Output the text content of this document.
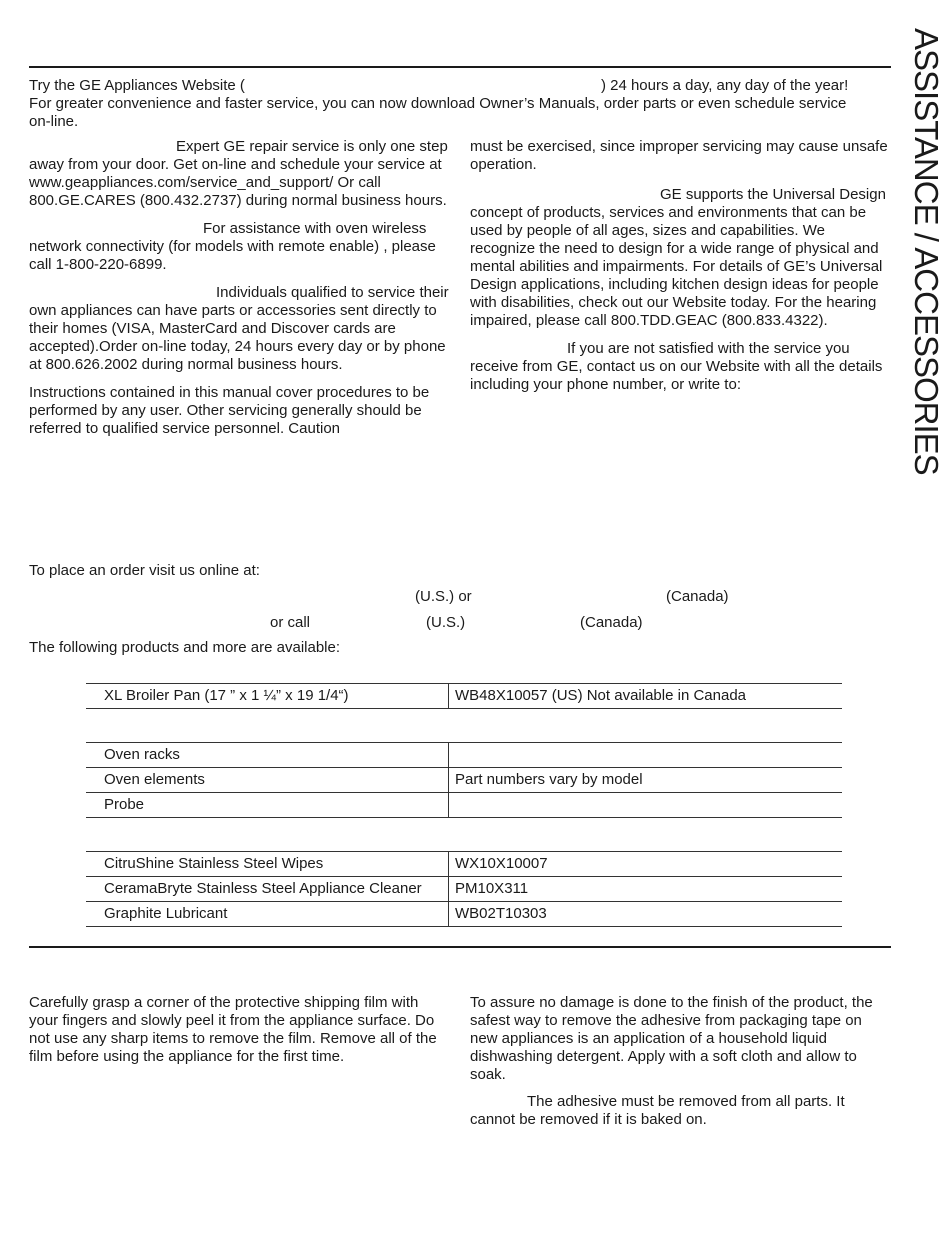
ASSISTANCE / ACCESSORIES
Try the GE Appliances Website (	) 24 hours a day, any day of the year! For greater convenience and faster service, you can now download Owner’s Manuals, order parts or even schedule service on-line.

Expert GE repair service is only one step away from your door. Get on-line and schedule your service at www.geappliances.com/service_and_support/ Or call 800.GE.CARES (800.432.2737) during normal business hours.

For assistance with oven wireless network connectivity (for models with remote enable) , please call 1-800-220-6899.

Individuals qualified to service their own appliances can have parts or accessories sent directly to their homes (VISA, MasterCard and Discover cards are accepted).Order on-line today, 24 hours every day or by phone at 800.626.2002 during normal business hours.

Instructions contained in this manual cover procedures to be performed by any user. Other servicing generally should be referred to qualified service personnel. Caution

must be exercised, since improper servicing may cause unsafe operation.

GE supports the Universal Design concept of products, services and environments that can be used by people of all ages, sizes and capabilities. We recognize the need to design for a wide range of physical and mental abilities and impairments. For details of GE’s Universal Design applications, including kitchen design ideas for people with disabilities, check out our Website today. For the hearing impaired, please call 800.TDD.GEAC (800.833.4322).

If you are not satisfied with the service you receive from GE, contact us on our Website with all the details including your phone number, or write to:

To place an order visit us online at:
(U.S.) or	(Canada)
or call	(U.S.)	(Canada)
The following products and more are available:
XL Broiler Pan (17 ” x 1 ¼” x 19 1/4“)	WB48X10057 (US) Not available in Canada
Oven racks	
Oven elements	Part numbers vary by model
Probe	
CitruShine Stainless Steel Wipes	WX10X10007
CeramaBryte Stainless Steel Appliance Cleaner	PM10X311
Graphite Lubricant	WB02T10303
Carefully grasp a corner of the protective shipping film with your fingers and slowly peel it from the appliance surface. Do not use any sharp items to remove the film. Remove all of the film before using the appliance for the first time.

To assure no damage is done to the finish of the product, the safest way to remove the adhesive from packaging tape on new appliances is an application of a household liquid dishwashing detergent. Apply with a soft cloth and allow to soak.

The adhesive must be removed from all parts. It cannot be removed if it is baked on.
